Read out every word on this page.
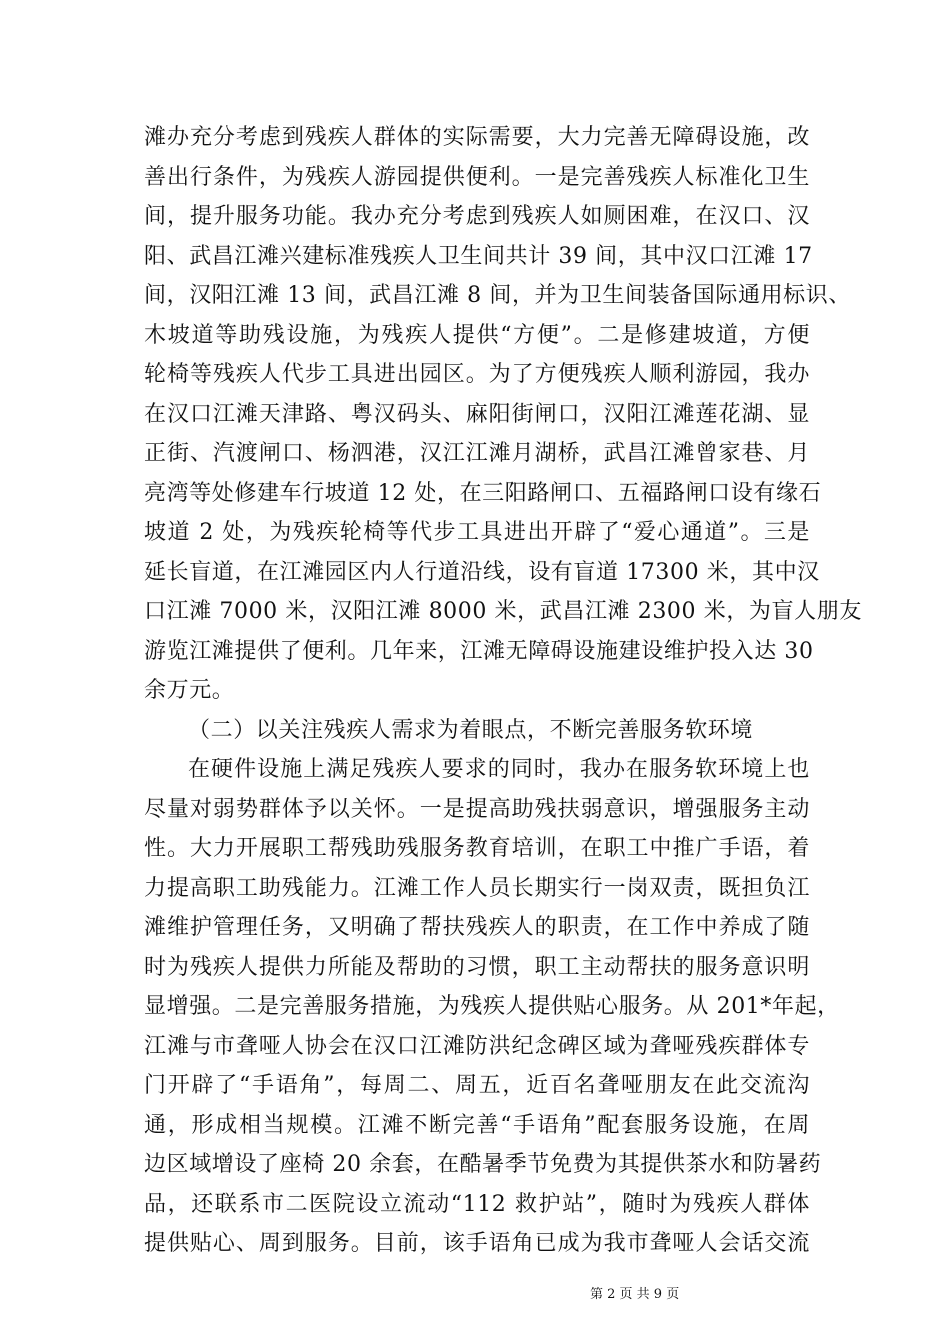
滩办充分考虑到残疾人群体的实际需要，大力完善无障碍设施，改
善出行条件，为残疾人游园提供便利。一是完善残疾人标准化卫生
间，提升服务功能。我办充分考虑到残疾人如厕困难，在汉口、汉
阳、武昌江滩兴建标准残疾人卫生间共计 39 间，其中汉口江滩 17
间，汉阳江滩 13 间，武昌江滩 8 间，并为卫生间装备国际通用标识、
木坡道等助残设施，为残疾人提供“方便”。二是修建坡道，方便
轮椅等残疾人代步工具进出园区。为了方便残疾人顺利游园，我办
在汉口江滩天津路、粤汉码头、麻阳街闸口，汉阳江滩莲花湖、显
正街、汽渡闸口、杨泗港，汉江江滩月湖桥，武昌江滩曾家巷、月
亮湾等处修建车行坡道 12 处，在三阳路闸口、五福路闸口设有缘石
坡道 2 处，为残疾轮椅等代步工具进出开辟了“爱心通道”。三是
延长盲道，在江滩园区内人行道沿线，设有盲道 17300 米，其中汉
口江滩 7000 米，汉阳江滩 8000 米，武昌江滩 2300 米，为盲人朋友
游览江滩提供了便利。几年来，江滩无障碍设施建设维护投入达 30
余万元。
（二）以关注残疾人需求为着眼点，不断完善服务软环境
在硬件设施上满足残疾人要求的同时，我办在服务软环境上也
尽量对弱势群体予以关怀。一是提高助残扶弱意识，增强服务主动
性。大力开展职工帮残助残服务教育培训，在职工中推广手语，着
力提高职工助残能力。江滩工作人员长期实行一岗双责，既担负江
滩维护管理任务，又明确了帮扶残疾人的职责，在工作中养成了随
时为残疾人提供力所能及帮助的习惯，职工主动帮扶的服务意识明
显增强。二是完善服务措施，为残疾人提供贴心服务。从 201*年起，
江滩与市聋哑人协会在汉口江滩防洪纪念碑区域为聋哑残疾群体专
门开辟了“手语角”，每周二、周五，近百名聋哑朋友在此交流沟
通，形成相当规模。江滩不断完善“手语角”配套服务设施，在周
边区域增设了座椅 20 余套，在酷暑季节免费为其提供茶水和防暑药
品，还联系市二医院设立流动“112 救护站”，随时为残疾人群体
提供贴心、周到服务。目前，该手语角已成为我市聋哑人会话交流
第 2 页 共 9 页
